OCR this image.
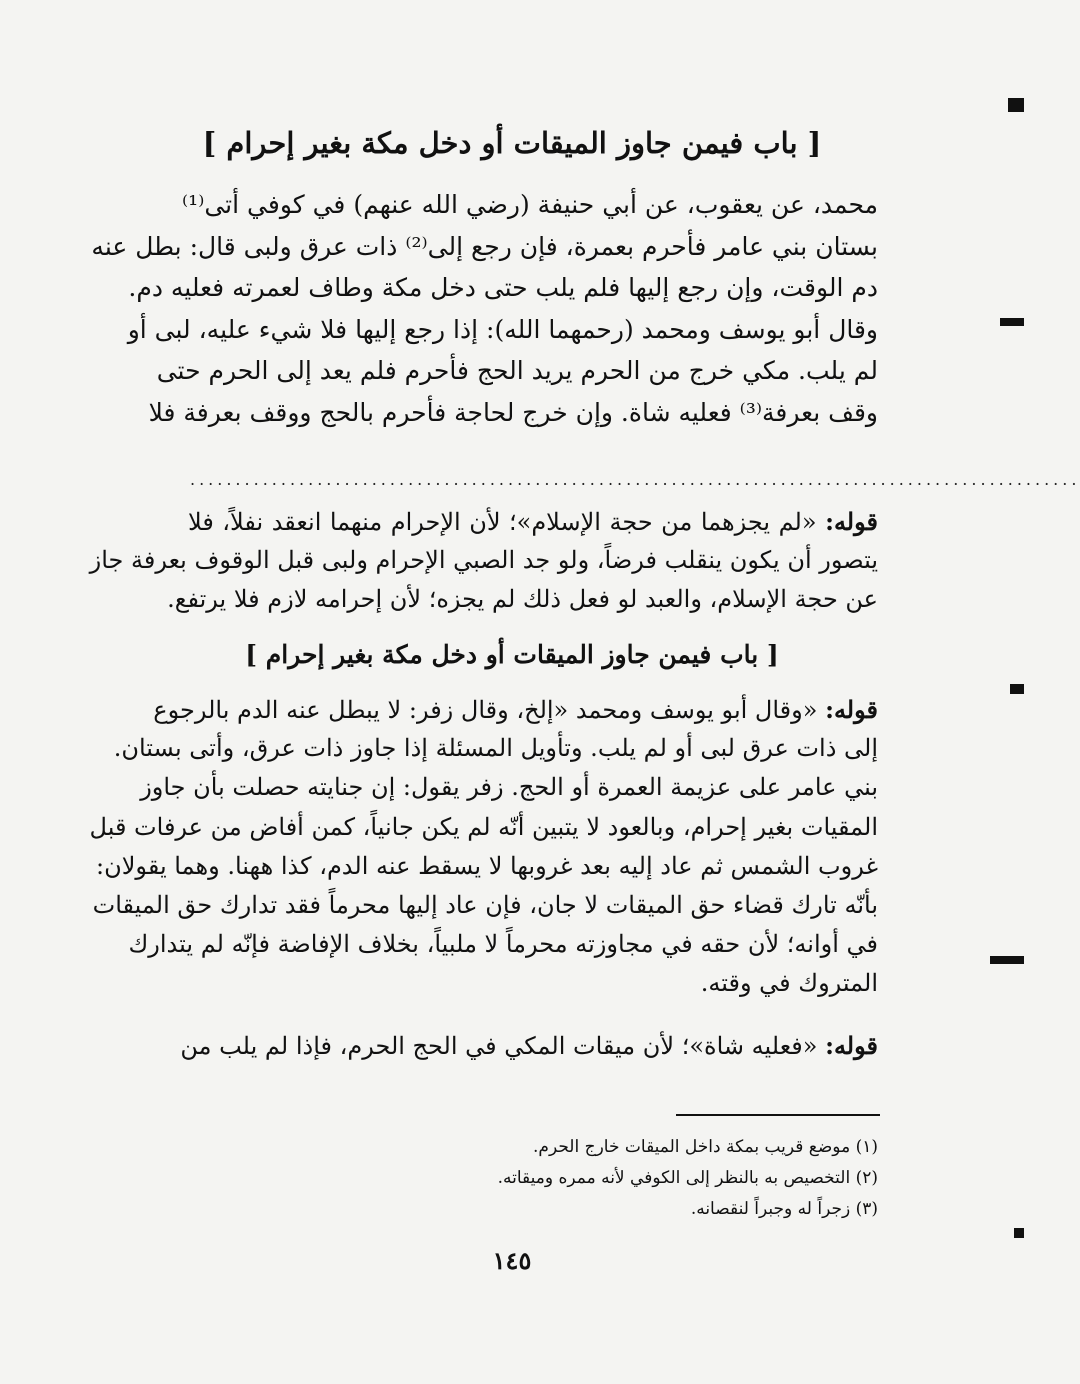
[ باب فيمن جاوز الميقات أو دخل مكة بغير إحرام ]
محمد، عن يعقوب، عن أبي حنيفة (رضي الله عنهم) في كوفي أتى⁽¹⁾
بستان بني عامر فأحرم بعمرة، فإن رجع إلى⁽²⁾ ذات عرق ولبى قال: بطل عنه
دم الوقت، وإن رجع إليها فلم يلب حتى دخل مكة وطاف لعمرته فعليه دم.
وقال أبو يوسف ومحمد (رحمهما الله): إذا رجع إليها فلا شيء عليه، لبى أو
لم يلب. مكي خرج من الحرم يريد الحج فأحرم فلم يعد إلى الحرم حتى
وقف بعرفة⁽³⁾ فعليه شاة. وإن خرج لحاجة فأحرم بالحج ووقف بعرفة فلا
..................................................................................................
قوله: «لم يجزهما من حجة الإسلام»؛ لأن الإحرام منهما انعقد نفلاً، فلا
يتصور أن يكون ينقلب فرضاً، ولو جد الصبي الإحرام ولبى قبل الوقوف بعرفة جاز
عن حجة الإسلام، والعبد لو فعل ذلك لم يجزه؛ لأن إحرامه لازم فلا يرتفع.
[ باب فيمن جاوز الميقات أو دخل مكة بغير إحرام ]
قوله: «وقال أبو يوسف ومحمد «إلخ، وقال زفر: لا يبطل عنه الدم بالرجوع
إلى ذات عرق لبى أو لم يلب. وتأويل المسئلة إذا جاوز ذات عرق، وأتى بستان.
بني عامر على عزيمة العمرة أو الحج. زفر يقول: إن جنايته حصلت بأن جاوز
المقيات بغير إحرام، وبالعود لا يتبين أنّه لم يكن جانياً، كمن أفاض من عرفات قبل
غروب الشمس ثم عاد إليه بعد غروبها لا يسقط عنه الدم، كذا ههنا. وهما يقولان:
بأنّه تارك قضاء حق الميقات لا جان، فإن عاد إليها محرماً فقد تدارك حق الميقات
في أوانه؛ لأن حقه في مجاوزته محرماً لا ملبياً، بخلاف الإفاضة فإنّه لم يتدارك
المتروك في وقته.
قوله: «فعليه شاة»؛ لأن ميقات المكي في الحج الحرم، فإذا لم يلب من
(١) موضع قريب بمكة داخل الميقات خارج الحرم.
(٢) التخصيص به بالنظر إلى الكوفي لأنه ممره وميقاته.
(٣) زجراً له وجبراً لنقصانه.
١٤٥
